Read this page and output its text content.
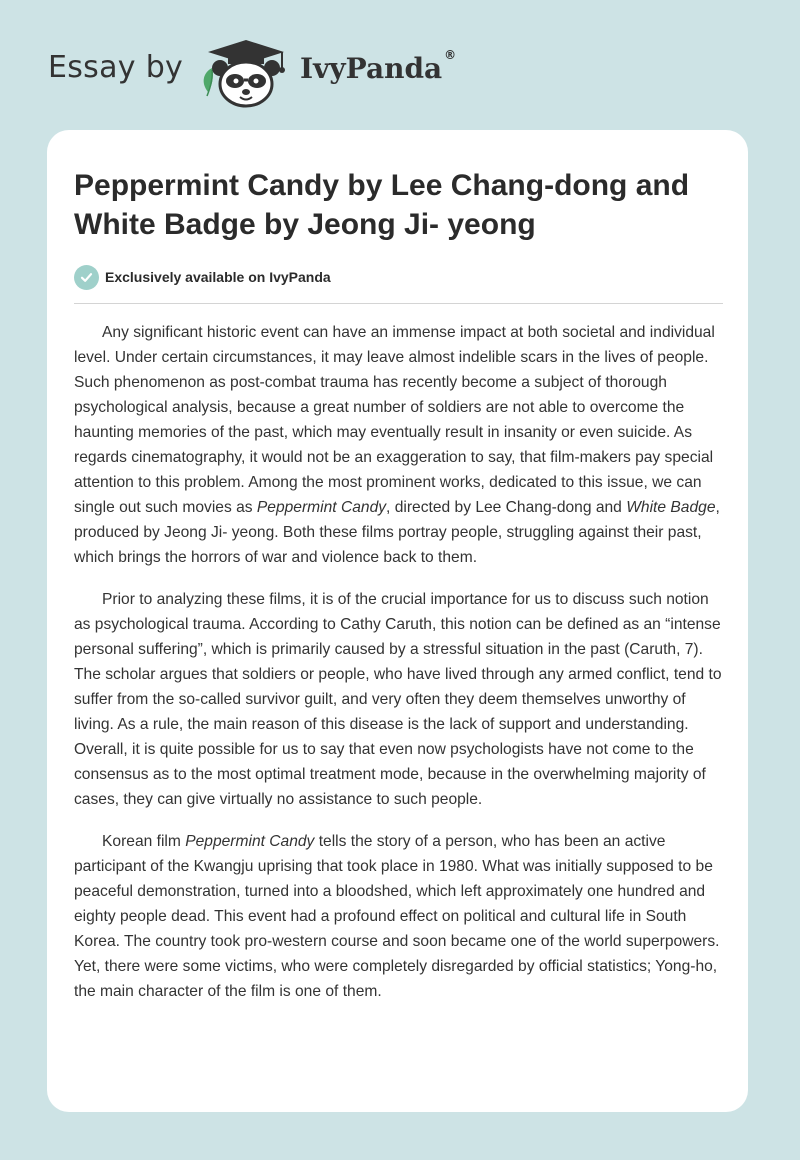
Essay by	IvyPanda ®
Peppermint Candy by Lee Chang-dong and White Badge by Jeong Ji- yeong
Exclusively available on IvyPanda

Any significant historic event can have an immense impact at both societal and individual level. Under certain circumstances, it may leave almost indelible scars in the lives of people. Such phenomenon as post-combat trauma has recently become a subject of thorough psychological analysis, because a great number of soldiers are not able to overcome the haunting memories of the past, which may eventually result in insanity or even suicide. As regards cinematography, it would not be an exaggeration to say, that film-makers pay special attention to this problem. Among the most prominent works, dedicated to this issue, we can single out such movies as Peppermint Candy, directed by Lee Chang-dong and White Badge, produced by Jeong Ji- yeong. Both these films portray people, struggling against their past, which brings the horrors of war and violence back to them.

Prior to analyzing these films, it is of the crucial importance for us to discuss such notion as psychological trauma. According to Cathy Caruth, this notion can be defined as an “intense personal suffering”, which is primarily caused by a stressful situation in the past (Caruth, 7). The scholar argues that soldiers or people, who have lived through any armed conflict, tend to suffer from the so-called survivor guilt, and very often they deem themselves unworthy of living. As a rule, the main reason of this disease is the lack of support and understanding. Overall, it is quite possible for us to say that even now psychologists have not come to the consensus as to the most optimal treatment mode, because in the overwhelming majority of cases, they can give virtually no assistance to such people.

Korean film Peppermint Candy tells the story of a person, who has been an active participant of the Kwangju uprising that took place in 1980. What was initially supposed to be peaceful demonstration, turned into a bloodshed, which left approximately one hundred and eighty people dead. This event had a profound effect on political and cultural life in South Korea. The country took pro-western course and soon became one of the world superpowers. Yet, there were some victims, who were completely disregarded by official statistics; Yong-ho, the main character of the film is one of them.
